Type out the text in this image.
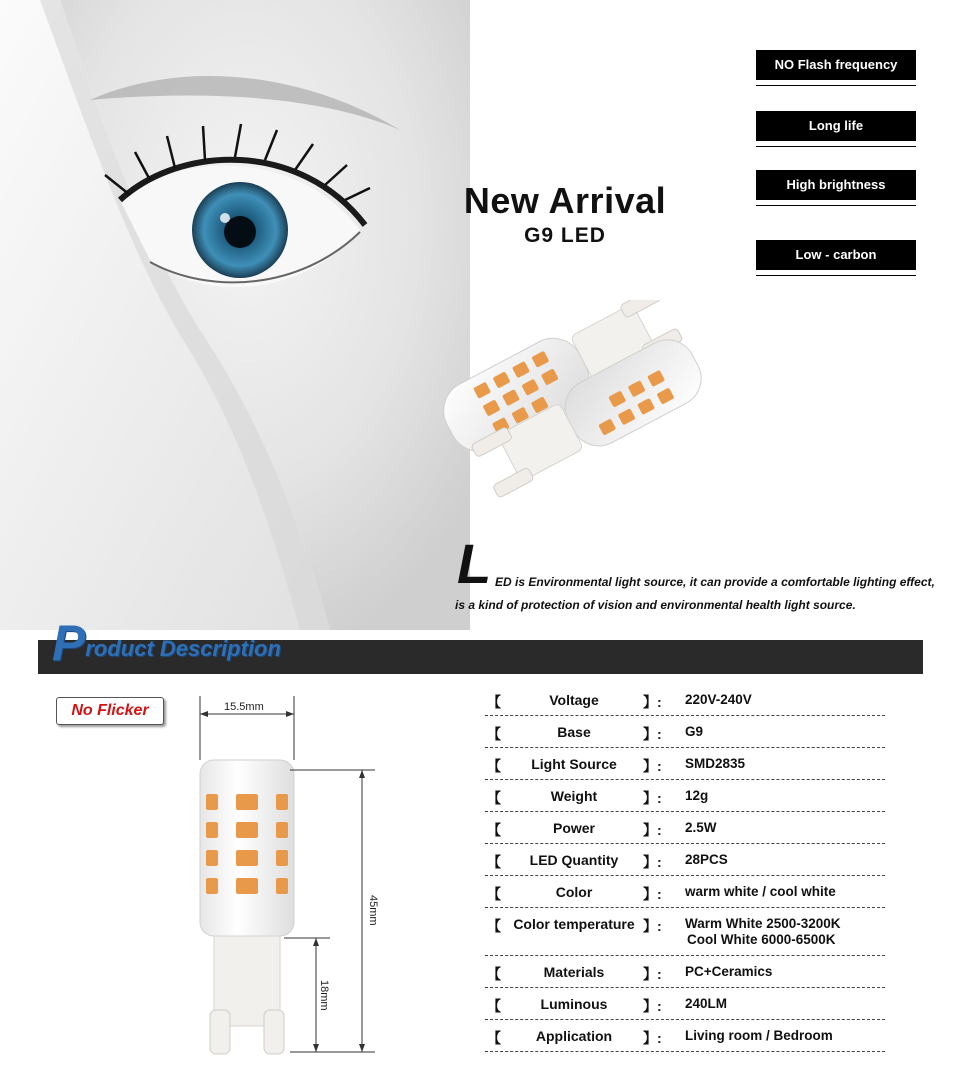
New Arrival
G9 LED
NO Flash frequency
Long life
High brightness
Low - carbon
L ED is Environmental light source, it can provide a comfortable lighting effect,
is a kind of protection of vision and environmental health light source.
Product Description
No Flicker	15.5mm
45mm
18mm
【	Voltage	】: 220V-240V
【	Base	】: G9
【	Light Source	】: SMD2835
【	Weight	】: 12g
【	Power	】: 2.5W
【	LED Quantity	】: 28PCS
【	Color	】: warm white / cool white
【 Color temperature 】: Warm White 2500-3200K
Cool White 6000-6500K
【	Materials	】: PC+Ceramics
【	Luminous	】: 240LM
【	Application	】: Living room / Bedroom
